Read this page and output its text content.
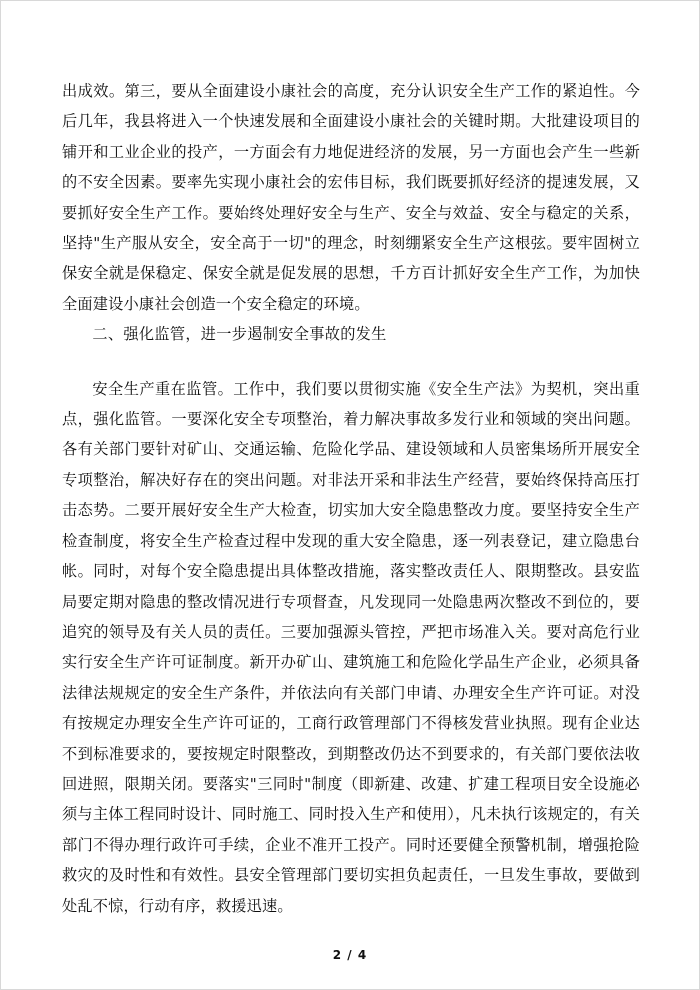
出成效。第三，要从全面建设小康社会的高度，充分认识安全生产工作的紧迫性。今后几年，我县将进入一个快速发展和全面建设小康社会的关键时期。大批建设项目的铺开和工业企业的投产，一方面会有力地促进经济的发展，另一方面也会产生一些新的不安全因素。要率先实现小康社会的宏伟目标，我们既要抓好经济的提速发展，又要抓好安全生产工作。要始终处理好安全与生产、安全与效益、安全与稳定的关系，坚持"生产服从安全，安全高于一切"的理念，时刻绷紧安全生产这根弦。要牢固树立保安全就是保稳定、保安全就是促发展的思想，千方百计抓好安全生产工作，为加快全面建设小康社会创造一个安全稳定的环境。

二、强化监管，进一步遏制安全事故的发生

安全生产重在监管。工作中，我们要以贯彻实施《安全生产法》为契机，突出重点，强化监管。一要深化安全专项整治，着力解决事故多发行业和领域的突出问题。各有关部门要针对矿山、交通运输、危险化学品、建设领域和人员密集场所开展安全专项整治，解决好存在的突出问题。对非法开采和非法生产经营，要始终保持高压打击态势。二要开展好安全生产大检查，切实加大安全隐患整改力度。要坚持安全生产检查制度，将安全生产检查过程中发现的重大安全隐患，逐一列表登记，建立隐患台帐。同时，对每个安全隐患提出具体整改措施，落实整改责任人、限期整改。县安监局要定期对隐患的整改情况进行专项督查，凡发现同一处隐患两次整改不到位的，要追究的领导及有关人员的责任。三要加强源头管控，严把市场准入关。要对高危行业实行安全生产许可证制度。新开办矿山、建筑施工和危险化学品生产企业，必须具备法律法规规定的安全生产条件，并依法向有关部门申请、办理安全生产许可证。对没有按规定办理安全生产许可证的，工商行政管理部门不得核发营业执照。现有企业达不到标准要求的，要按规定时限整改，到期整改仍达不到要求的，有关部门要依法收回进照，限期关闭。要落实"三同时"制度（即新建、改建、扩建工程项目安全设施必须与主体工程同时设计、同时施工、同时投入生产和使用），凡未执行该规定的，有关部门不得办理行政许可手续，企业不准开工投产。同时还要健全预警机制，增强抢险救灾的及时性和有效性。县安全管理部门要切实担负起责任，一旦发生事故，要做到处乱不惊，行动有序，救援迅速。

2 / 4
